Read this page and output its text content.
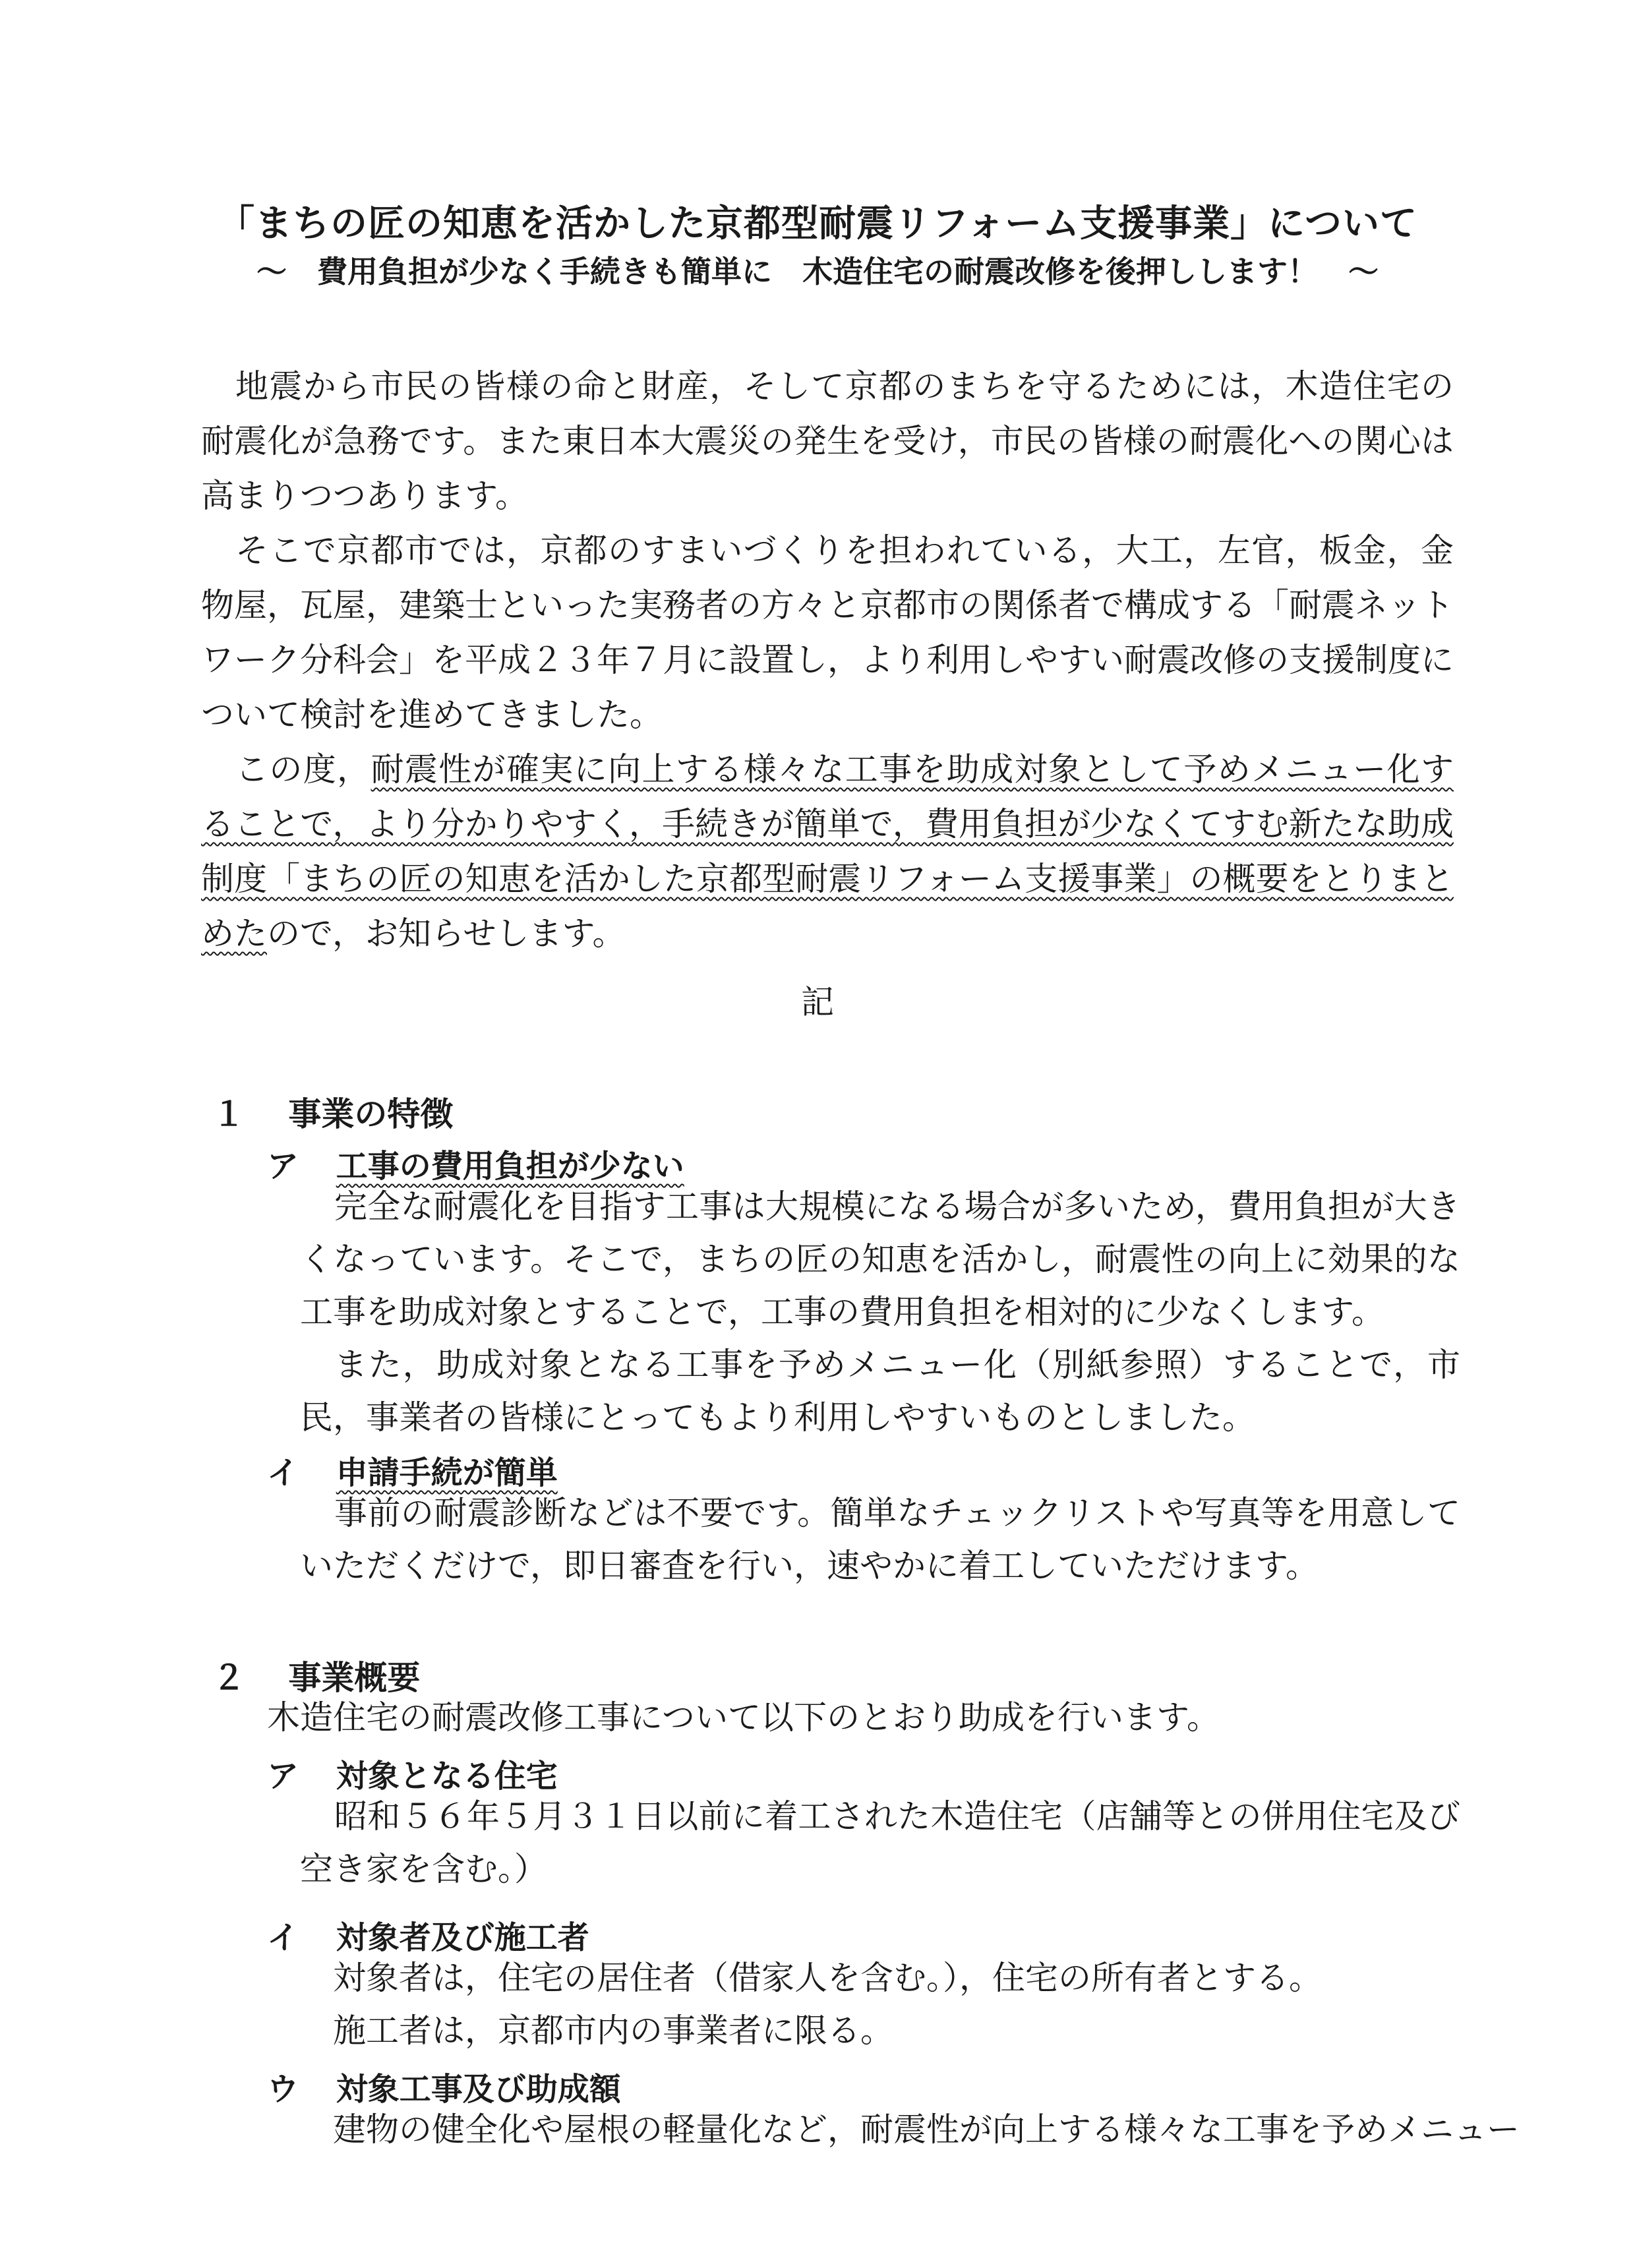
「まちの匠の知恵を活かした京都型耐震リフォーム支援事業」について
～　費用負担が少なく手続きも簡単に　木造住宅の耐震改修を後押しします！　～

地震から市民の皆様の命と財産，そして京都のまちを守るためには，木造住宅の耐震化が急務です。また東日本大震災の発生を受け，市民の皆様の耐震化への関心は高まりつつあります。

そこで京都市では，京都のすまいづくりを担われている，大工，左官，板金，金物屋，瓦屋，建築士といった実務者の方々と京都市の関係者で構成する「耐震ネットワーク分科会」を平成２３年７月に設置し，より利用しやすい耐震改修の支援制度について検討を進めてきました。

この度，耐震性が確実に向上する様々な工事を助成対象として予めメニュー化することで，より分かりやすく，手続きが簡単で，費用負担が少なくてすむ新たな助成制度「まちの匠の知恵を活かした京都型耐震リフォーム支援事業」の概要をとりまとめたので，お知らせします。

記
１ 事業の特徴
ア 工事の費用負担が少ない

完全な耐震化を目指す工事は大規模になる場合が多いため，費用負担が大きくなっています。そこで，まちの匠の知恵を活かし，耐震性の向上に効果的な工事を助成対象とすることで，工事の費用負担を相対的に少なくします。

また，助成対象となる工事を予めメニュー化（別紙参照）することで，市民，事業者の皆様にとってもより利用しやすいものとしました。

イ 申請手続が簡単

事前の耐震診断などは不要です。簡単なチェックリストや写真等を用意していただくだけで，即日審査を行い，速やかに着工していただけます。

２ 事業概要
木造住宅の耐震改修工事について以下のとおり助成を行います。
ア 対象となる住宅

昭和５６年５月３１日以前に着工された木造住宅（店舗等との併用住宅及び空き家を含む。）

イ 対象者及び施工者
対象者は，住宅の居住者（借家人を含む。），住宅の所有者とする。
施工者は，京都市内の事業者に限る。
ウ 対象工事及び助成額
建物の健全化や屋根の軽量化など，耐震性が向上する様々な工事を予めメニュー
